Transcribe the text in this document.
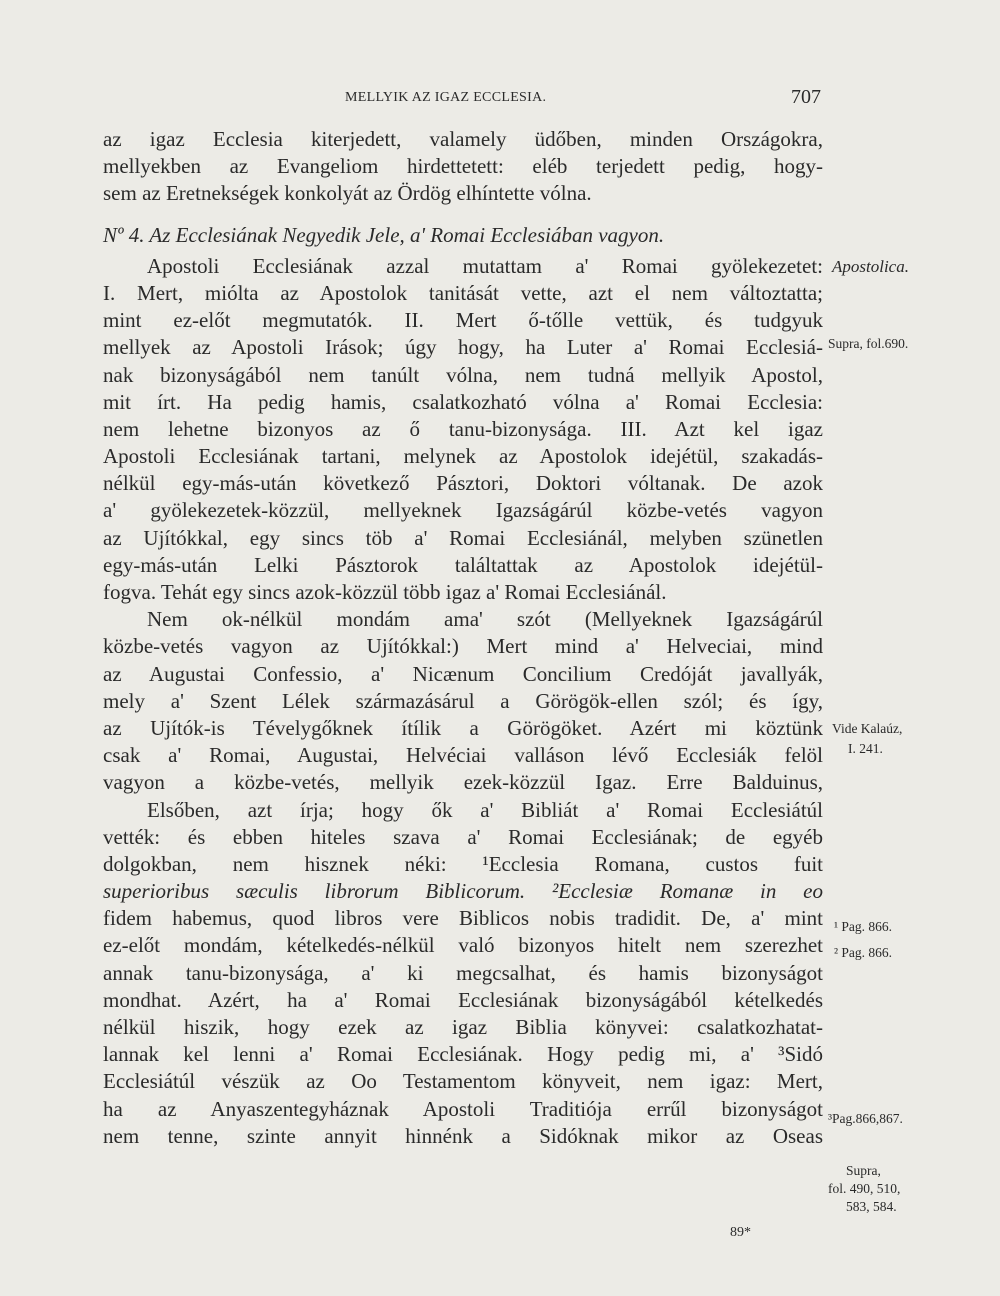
MELLYIK AZ IGAZ ECCLESIA.	707
az igaz Ecclesia kiterjedett, valamely üdőben, minden Országokra,
mellyekben az Evangeliom hirdettetett: eléb terjedett pedig, hogy-
sem az Eretnekségek konkolyát az Ördög elhíntette vólna.
Nº 4. Az Ecclesiának Negyedik Jele, a' Romai Ecclesiában vagyon.
Apostoli Ecclesiának azzal mutattam a' Romai gyölekezetet:
I. Mert, miólta az Apostolok tanitását vette, azt el nem változtatta;
mint ez-előt megmutatók. II. Mert ő-tőlle vettük, és tudgyuk
mellyek az Apostoli Irások; úgy hogy, ha Luter a' Romai Ecclesiá-
nak bizonyságából nem tanúlt vólna, nem tudná mellyik Apostol,
mit írt. Ha pedig hamis, csalatkozható vólna a' Romai Ecclesia:
nem lehetne bizonyos az ő tanu-bizonysága. III. Azt kel igaz
Apostoli Ecclesiának tartani, melynek az Apostolok idejétül, szakadás-
nélkül egy-más-után következő Pásztori, Doktori vóltanak. De azok
a' gyölekezetek-közzül, mellyeknek Igazságárúl közbe-vetés vagyon
az Ujítókkal, egy sincs töb a' Romai Ecclesiánál, melyben szünetlen
egy-más-után Lelki Pásztorok találtattak az Apostolok idejétül-
fogva. Tehát egy sincs azok-közzül több igaz a' Romai Ecclesiánál.
Nem ok-nélkül mondám ama' szót (Mellyeknek Igazságárúl
közbe-vetés vagyon az Ujítókkal:) Mert mind a' Helveciai, mind
az Augustai Confessio, a' Nicænum Concilium Credóját javallyák,
mely a' Szent Lélek származásárul a Görögök-ellen szól; és így,
az Ujítók-is Tévelygőknek ítílik a Görögöket. Azért mi köztünk
csak a' Romai, Augustai, Helvéciai valláson lévő Ecclesiák felöl
vagyon a közbe-vetés, mellyik ezek-közzül Igaz. Erre Balduinus,
Elsőben, azt írja; hogy ők a' Bibliát a' Romai Ecclesiátúl
vették: és ebben hiteles szava a' Romai Ecclesiának; de egyéb
dolgokban, nem hisznek néki: ¹Ecclesia Romana, custos fuit
superioribus sæculis librorum Biblicorum. ²Ecclesiæ Romanæ in eo
fidem habemus, quod libros vere Biblicos nobis tradidit. De, a' mint
ez-előt mondám, kételkedés-nélkül való bizonyos hitelt nem szerezhet
annak tanu-bizonysága, a' ki megcsalhat, és hamis bizonyságot
mondhat. Azért, ha a' Romai Ecclesiának bizonyságából kételkedés
nélkül hiszik, hogy ezek az igaz Biblia könyvei: csalatkozhatat-
lannak kel lenni a' Romai Ecclesiának. Hogy pedig mi, a' ³Sidó
Ecclesiátúl vészük az Oo Testamentom könyveit, nem igaz: Mert,
ha az Anyaszentegyháznak Apostoli Traditiója errűl bizonyságot
nem tenne, szinte annyit hinnénk a Sidóknak mikor az Oseas
Apostolica.
Supra, fol.690.
Vide Kalaúz,
I. 241.
¹ Pag. 866.
² Pag. 866.
³Pag.866,867.
Supra,
fol. 490, 510,
583, 584.
89*
